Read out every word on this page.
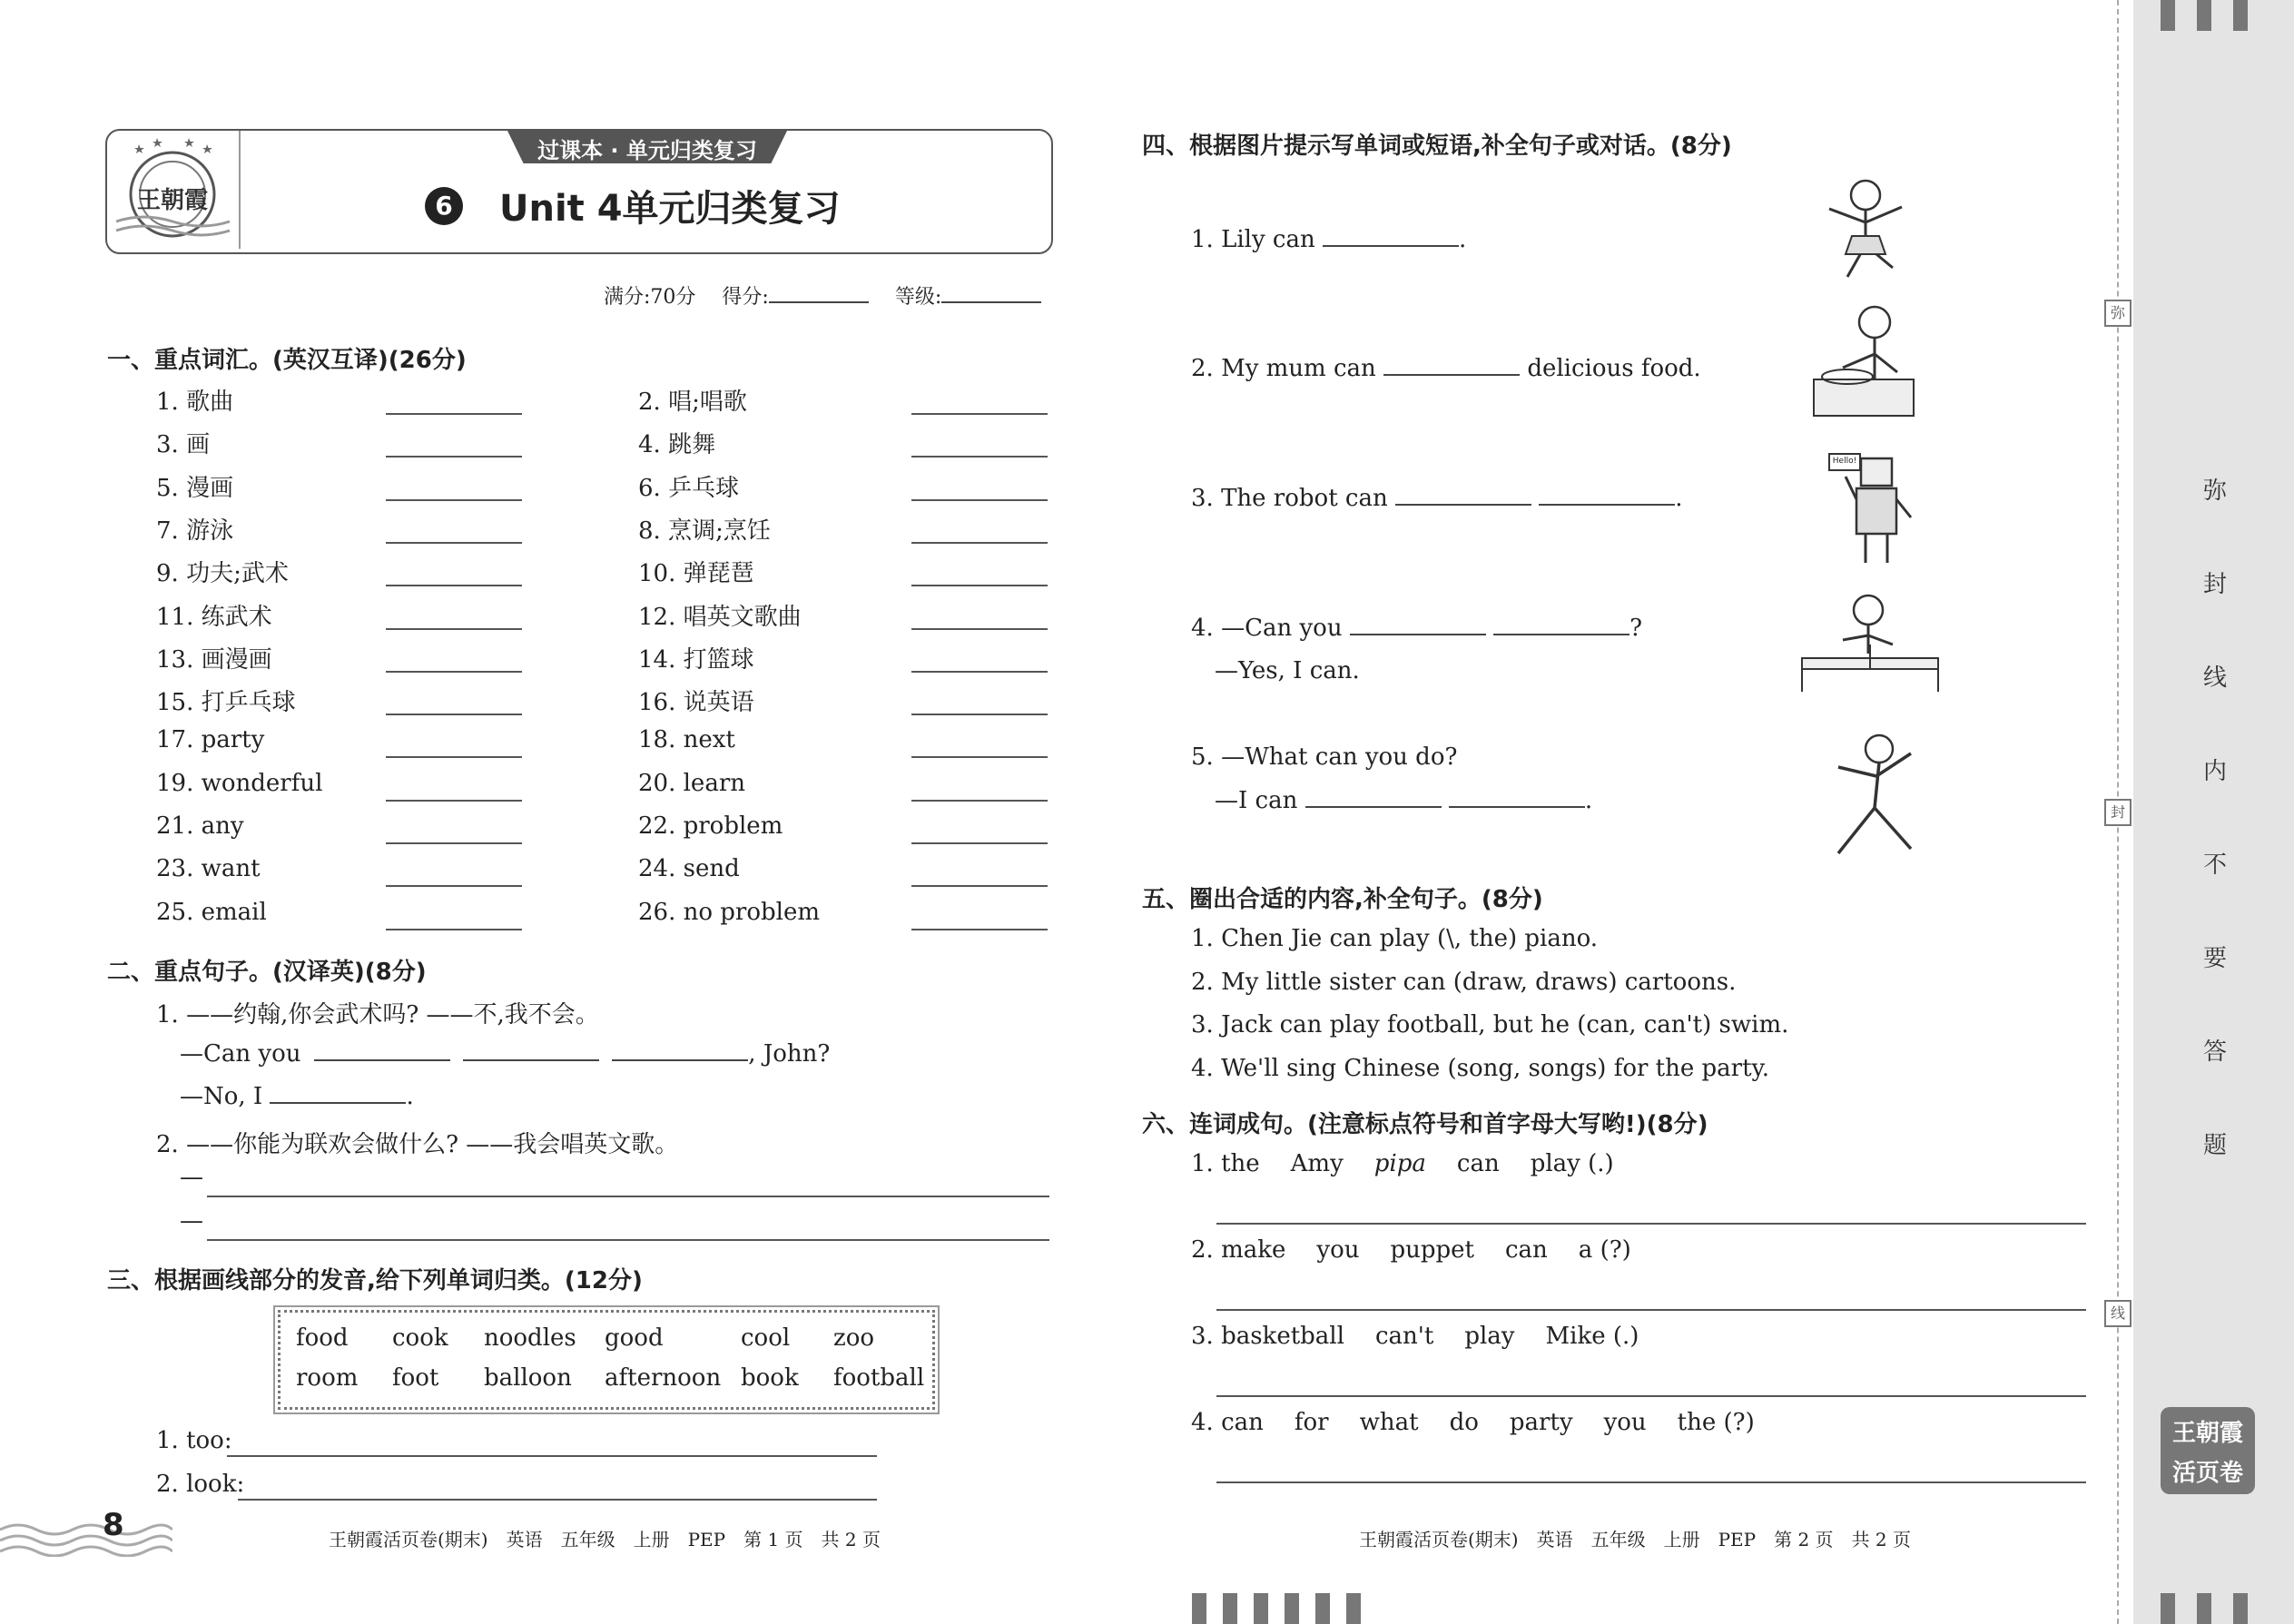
王朝霞
过课本 · 单元归类复习
6 Unit 4单元归类复习
满分:70分 得分:	等级:
一、重点词汇。(英汉互译)(26分)
1. 歌曲	2. 唱;唱歌
3. 画	4. 跳舞
5. 漫画	6. 乒乓球
7. 游泳	8. 烹调;烹饪
9. 功夫;武术	10. 弹琵琶
11. 练武术	12. 唱英文歌曲
13. 画漫画	14. 打篮球
15. 打乒乓球	16. 说英语
17. party	18. next
19. wonderful	20. learn
21. any	22. problem
23. want	24. send
25. email	26. no problem
二、重点句子。(汉译英)(8分)
1. ——约翰,你会武术吗? ——不,我不会。
—Can you	, John?
—No, I	.
2. ——你能为联欢会做什么? ——我会唱英文歌。
—
—
三、根据画线部分的发音,给下列单词归类。(12分)
food cook noodles good	cool zoo
room foot balloon afternoon book football
1. too:
2. look:
8	王朝霞活页卷(期末)　英语　五年级　上册　PEP　第 1 页　共 2 页
四、根据图片提示写单词或短语,补全句子或对话。(8分)
1. Lily can	.
2. My mum can	delicious food.
3. The robot can	.
4. —Can you	?
—Yes, I can.
5. —What can you do?
—I can	.
Hello!
五、圈出合适的内容,补全句子。(8分)
1. Chen Jie can play (\, the) piano.
2. My little sister can (draw, draws) cartoons.
3. Jack can play football, but he (can, can't) swim.
4. We'll sing Chinese (song, songs) for the party.
六、连词成句。(注意标点符号和首字母大写哟!)(8分)
1. the Amy pipa can play (.)
2. make you puppet can a (?)
3. basketball can't play Mike (.)
4. can for what do party you the (?)
王朝霞活页卷(期末)　英语　五年级　上册　PEP　第 2 页　共 2 页
弥
封
线
内
不
要
答
题
弥
封
线
王朝霞
活页卷
